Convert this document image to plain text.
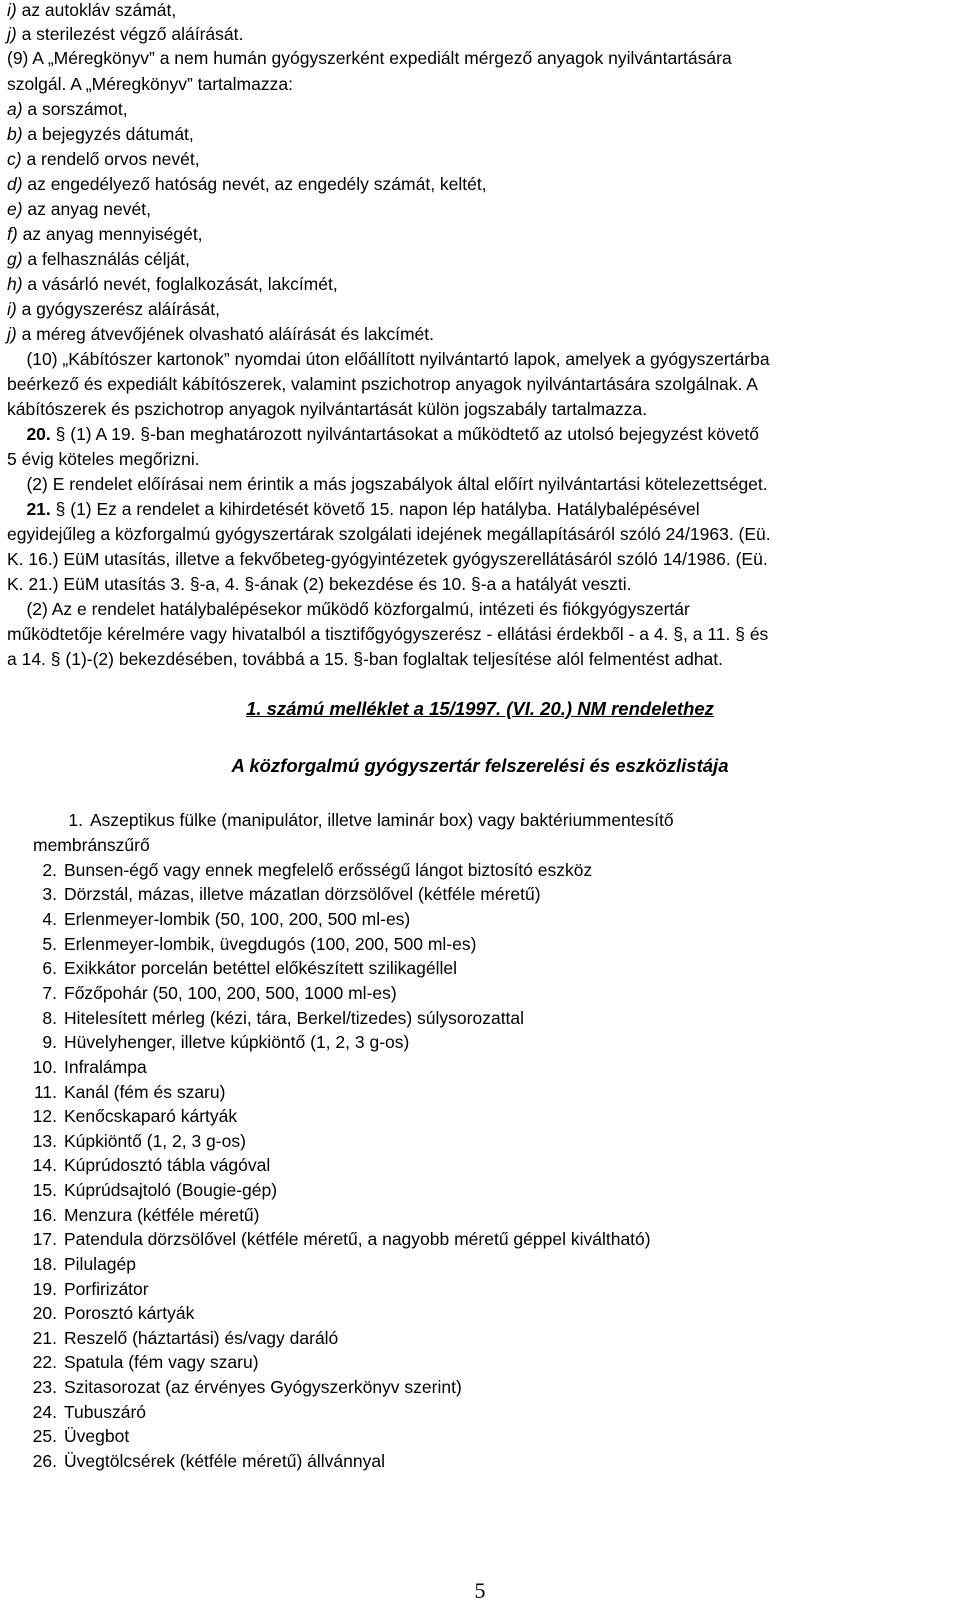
i) az autokláv számát,
j) a sterilezést végző aláírását.
(9) A „Méregkönyv” a nem humán gyógyszerként expediált mérgező anyagok nyilvántartására
szolgál. A „Méregkönyv” tartalmazza:
a) a sorszámot,
b) a bejegyzés dátumát,
c) a rendelő orvos nevét,
d) az engedélyező hatóság nevét, az engedély számát, keltét,
e) az anyag nevét,
f) az anyag mennyiségét,
g) a felhasználás célját,
h) a vásárló nevét, foglalkozását, lakcímét,
i) a gyógyszerész aláírását,
j) a méreg átvevőjének olvasható aláírását és lakcímét.
(10) „Kábítószer kartonok” nyomdai úton előállított nyilvántartó lapok, amelyek a gyógyszertárba
beérkező és expediált kábítószerek, valamint pszichotrop anyagok nyilvántartására szolgálnak. A
kábítószerek és pszichotrop anyagok nyilvántartását külön jogszabály tartalmazza.
20. § (1) A 19. §-ban meghatározott nyilvántartásokat a működtető az utolsó bejegyzést követő
5 évig köteles megőrizni.
(2) E rendelet előírásai nem érintik a más jogszabályok által előírt nyilvántartási kötelezettséget.
21. § (1) Ez a rendelet a kihirdetését követő 15. napon lép hatályba. Hatálybalépésével
egyidejűleg a közforgalmú gyógyszertárak szolgálati idejének megállapításáról szóló 24/1963. (Eü.
K. 16.) EüM utasítás, illetve a fekvőbeteg-gyógyintézetek gyógyszerellátásáról szóló 14/1986. (Eü.
K. 21.) EüM utasítás 3. §-a, 4. §-ának (2) bekezdése és 10. §-a a hatályát veszti.
(2) Az e rendelet hatálybalépésekor működő közforgalmú, intézeti és fiókgyógyszertár
működtetője kérelmére vagy hivatalból a tisztifőgyógyszerész - ellátási érdekből - a 4. §, a 11. § és
a 14. § (1)-(2) bekezdésében, továbbá a 15. §-ban foglaltak teljesítése alól felmentést adhat.
1. számú melléklet a 15/1997. (VI. 20.) NM rendelethez
A közforgalmú gyógyszertár felszerelési és eszközlistája
1. Aszeptikus fülke (manipulátor, illetve laminár box) vagy baktériummentesítő
membránszűrő
2. Bunsen-égő vagy ennek megfelelő erősségű lángot biztosító eszköz
3. Dörzstál, mázas, illetve mázatlan dörzsölővel (kétféle méretű)
4. Erlenmeyer-lombik (50, 100, 200, 500 ml-es)
5. Erlenmeyer-lombik, üvegdugós (100, 200, 500 ml-es)
6. Exikkátor porcelán betéttel előkészített szilikagéllel
7. Főzőpohár (50, 100, 200, 500, 1000 ml-es)
8. Hitelesített mérleg (kézi, tára, Berkel/tizedes) súlysorozattal
9. Hüvelyhenger, illetve kúpkiöntő (1, 2, 3 g-os)
10. Infralámpa
11. Kanál (fém és szaru)
12. Kenőcskaparó kártyák
13. Kúpkiöntő (1, 2, 3 g-os)
14. Kúprúdosztó tábla vágóval
15. Kúprúdsajtoló (Bougie-gép)
16. Menzura (kétféle méretű)
17. Patendula dörzsölővel (kétféle méretű, a nagyobb méretű géppel kiváltható)
18. Pilulagép
19. Porfirizátor
20. Porosztó kártyák
21. Reszelő (háztartási) és/vagy daráló
22. Spatula (fém vagy szaru)
23. Szitasorozat (az érvényes Gyógyszerkönyv szerint)
24. Tubuszáró
25. Üvegbot
26. Üvegtölcsérek (kétféle méretű) állvánnyal
5
